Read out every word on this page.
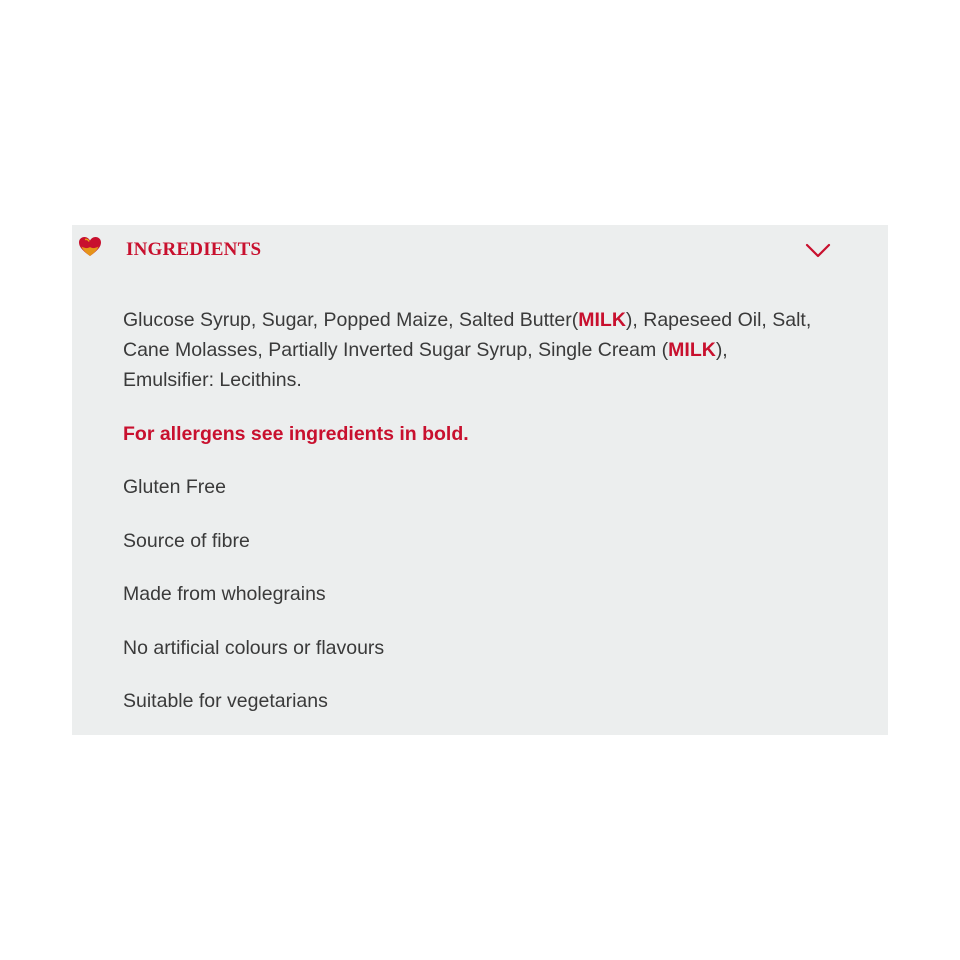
INGREDIENTS

Glucose Syrup, Sugar, Popped Maize, Salted Butter(MILK), Rapeseed Oil, Salt, Cane Molasses, Partially Inverted Sugar Syrup, Single Cream (MILK), Emulsifier: Lecithins.

For allergens see ingredients in bold.

Gluten Free
Source of fibre
Made from wholegrains
No artificial colours or flavours
Suitable for vegetarians
